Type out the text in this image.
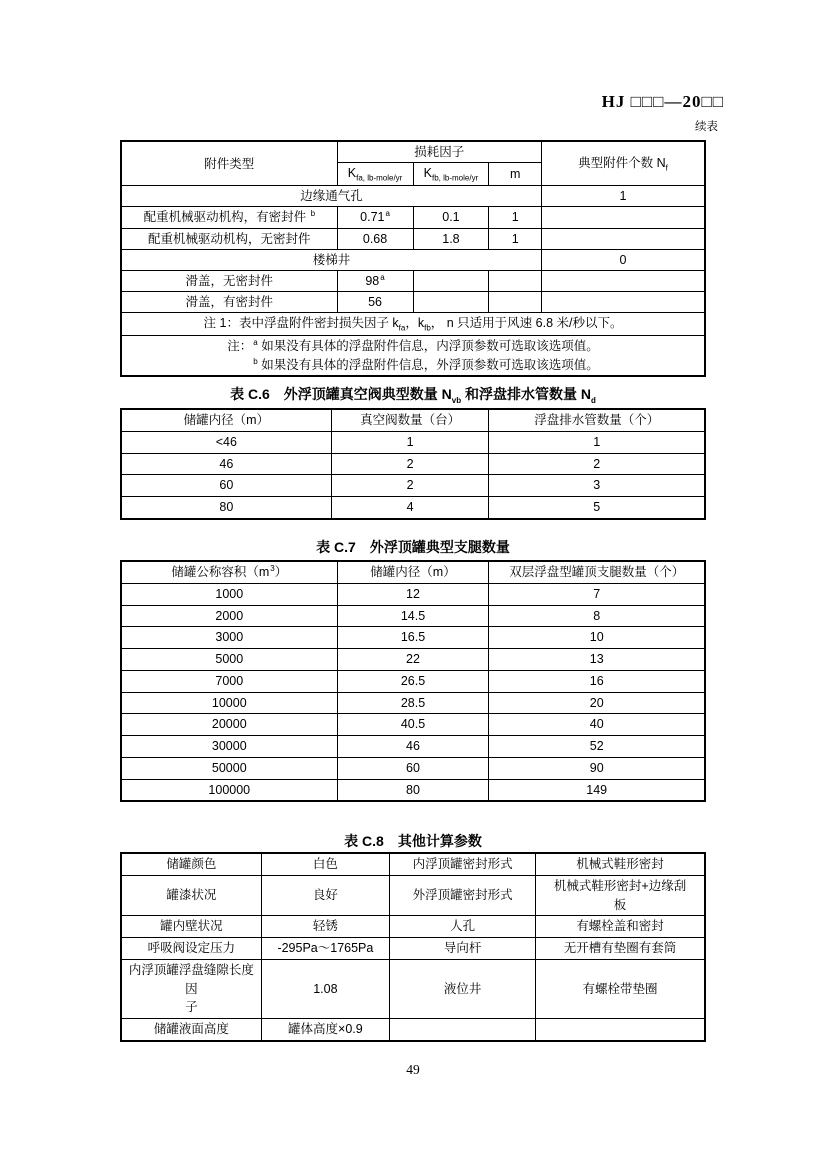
HJ □□□—20□□
续表
附件类型	损耗因子			典型附件个数 $N_f$
	$K_{fa, lb-mole/yr}$	$K_{fb, lb-mole/yr}$	m	
边缘通气孔				1
配重机械驱动机构，有密封件 $^b$	0.71$^a$	0.1	1	
配重机械驱动机构，无密封件	0.68	1.8	1	
楼梯井				0
滑盖，无密封件	98$^a$			
滑盖，有密封件	56			
注 1：表中浮盘附件密封损失因子 $k_{fa}$，$k_{fb}$， n 只适用于风速 6.8 米/秒以下。				
注：$^a$ 如果没有具体的浮盘附件信息，内浮顶参数可选取该选项值。
　　$^b$ 如果没有具体的浮盘附件信息，外浮顶参数可选取该选项值。				
表 C.6　外浮顶罐真空阀典型数量 $N_{vb}$ 和浮盘排水管数量 $N_d$
储罐内径（m）	真空阀数量（台）	浮盘排水管数量（个）
<46	1	1
46	2	2
60	2	3
80	4	5
表 C.7　外浮顶罐典型支腿数量
储罐公称容积$(m^3)$	储罐内径（m）	双层浮盘型罐顶支腿数量（个）
1000	12	7
2000	14.5	8
3000	16.5	10
5000	22	13
7000	26.5	16
10000	28.5	20
20000	40.5	40
30000	46	52
50000	60	90
100000	80	149
表 C.8　其他计算参数
储罐颜色	白色	内浮顶罐密封形式	机械式鞋形密封
罐漆状况	良好	外浮顶罐密封形式	机械式鞋形密封+边缘刮
板
罐内壁状况	轻锈	人孔	有螺栓盖和密封
呼吸阀设定压力	-295Pa～1765Pa	导向杆	无开槽有垫圈有套筒
内浮顶罐浮盘缝隙长度因
子	1.08	液位井	有螺栓带垫圈
储罐液面高度	罐体高度×0.9		
49
